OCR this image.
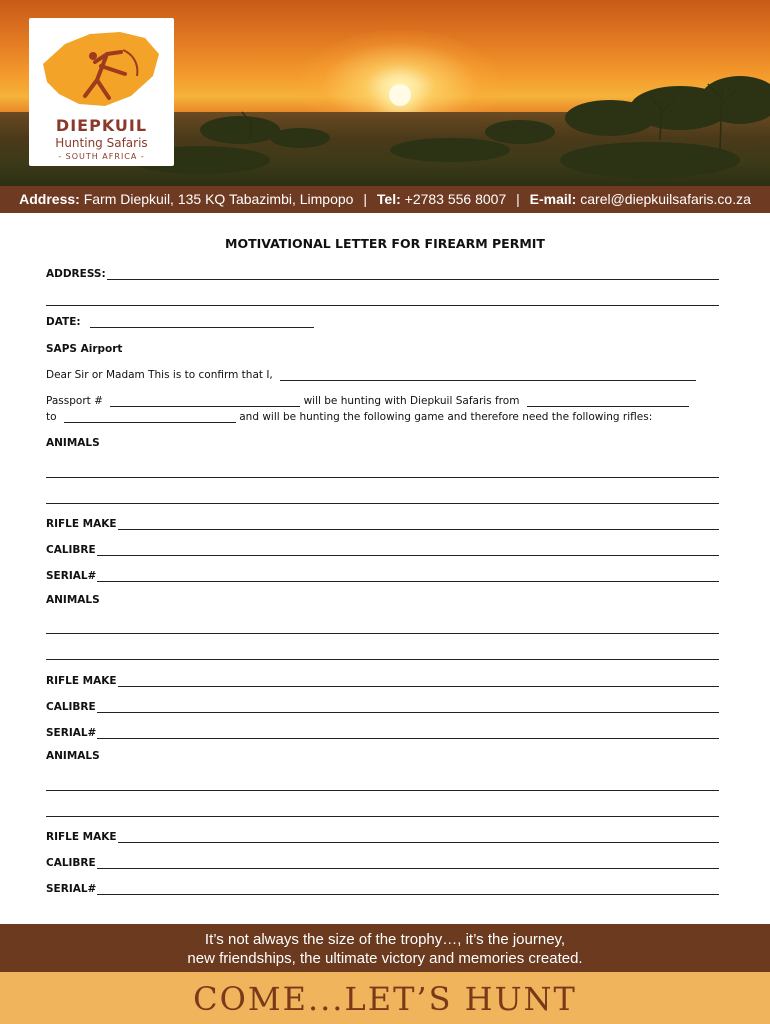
DIEPKUIL
Hunting Safaris
- SOUTH AFRICA -
Address: Farm Diepkuil, 135 KQ Tabazimbi, Limpopo | Tel: +2783 556 8007 | E-mail: carel@diepkuilsafaris.co.za
MOTIVATIONAL LETTER FOR FIREARM PERMIT
ADDRESS:
DATE:
SAPS Airport
Dear Sir or Madam This is to confirm that I,
Passport #	will be hunting with Diepkuil Safaris from
to	and will be hunting the following game and therefore need the following rifles:
ANIMALS
RIFLE MAKE
CALIBRE
SERIAL#
ANIMALS
RIFLE MAKE
CALIBRE
SERIAL#
ANIMALS
RIFLE MAKE
CALIBRE
SERIAL#
It’s not always the size of the trophy…, it’s the journey,
new friendships, the ultimate victory and memories created.
COME...LET’S HUNT
